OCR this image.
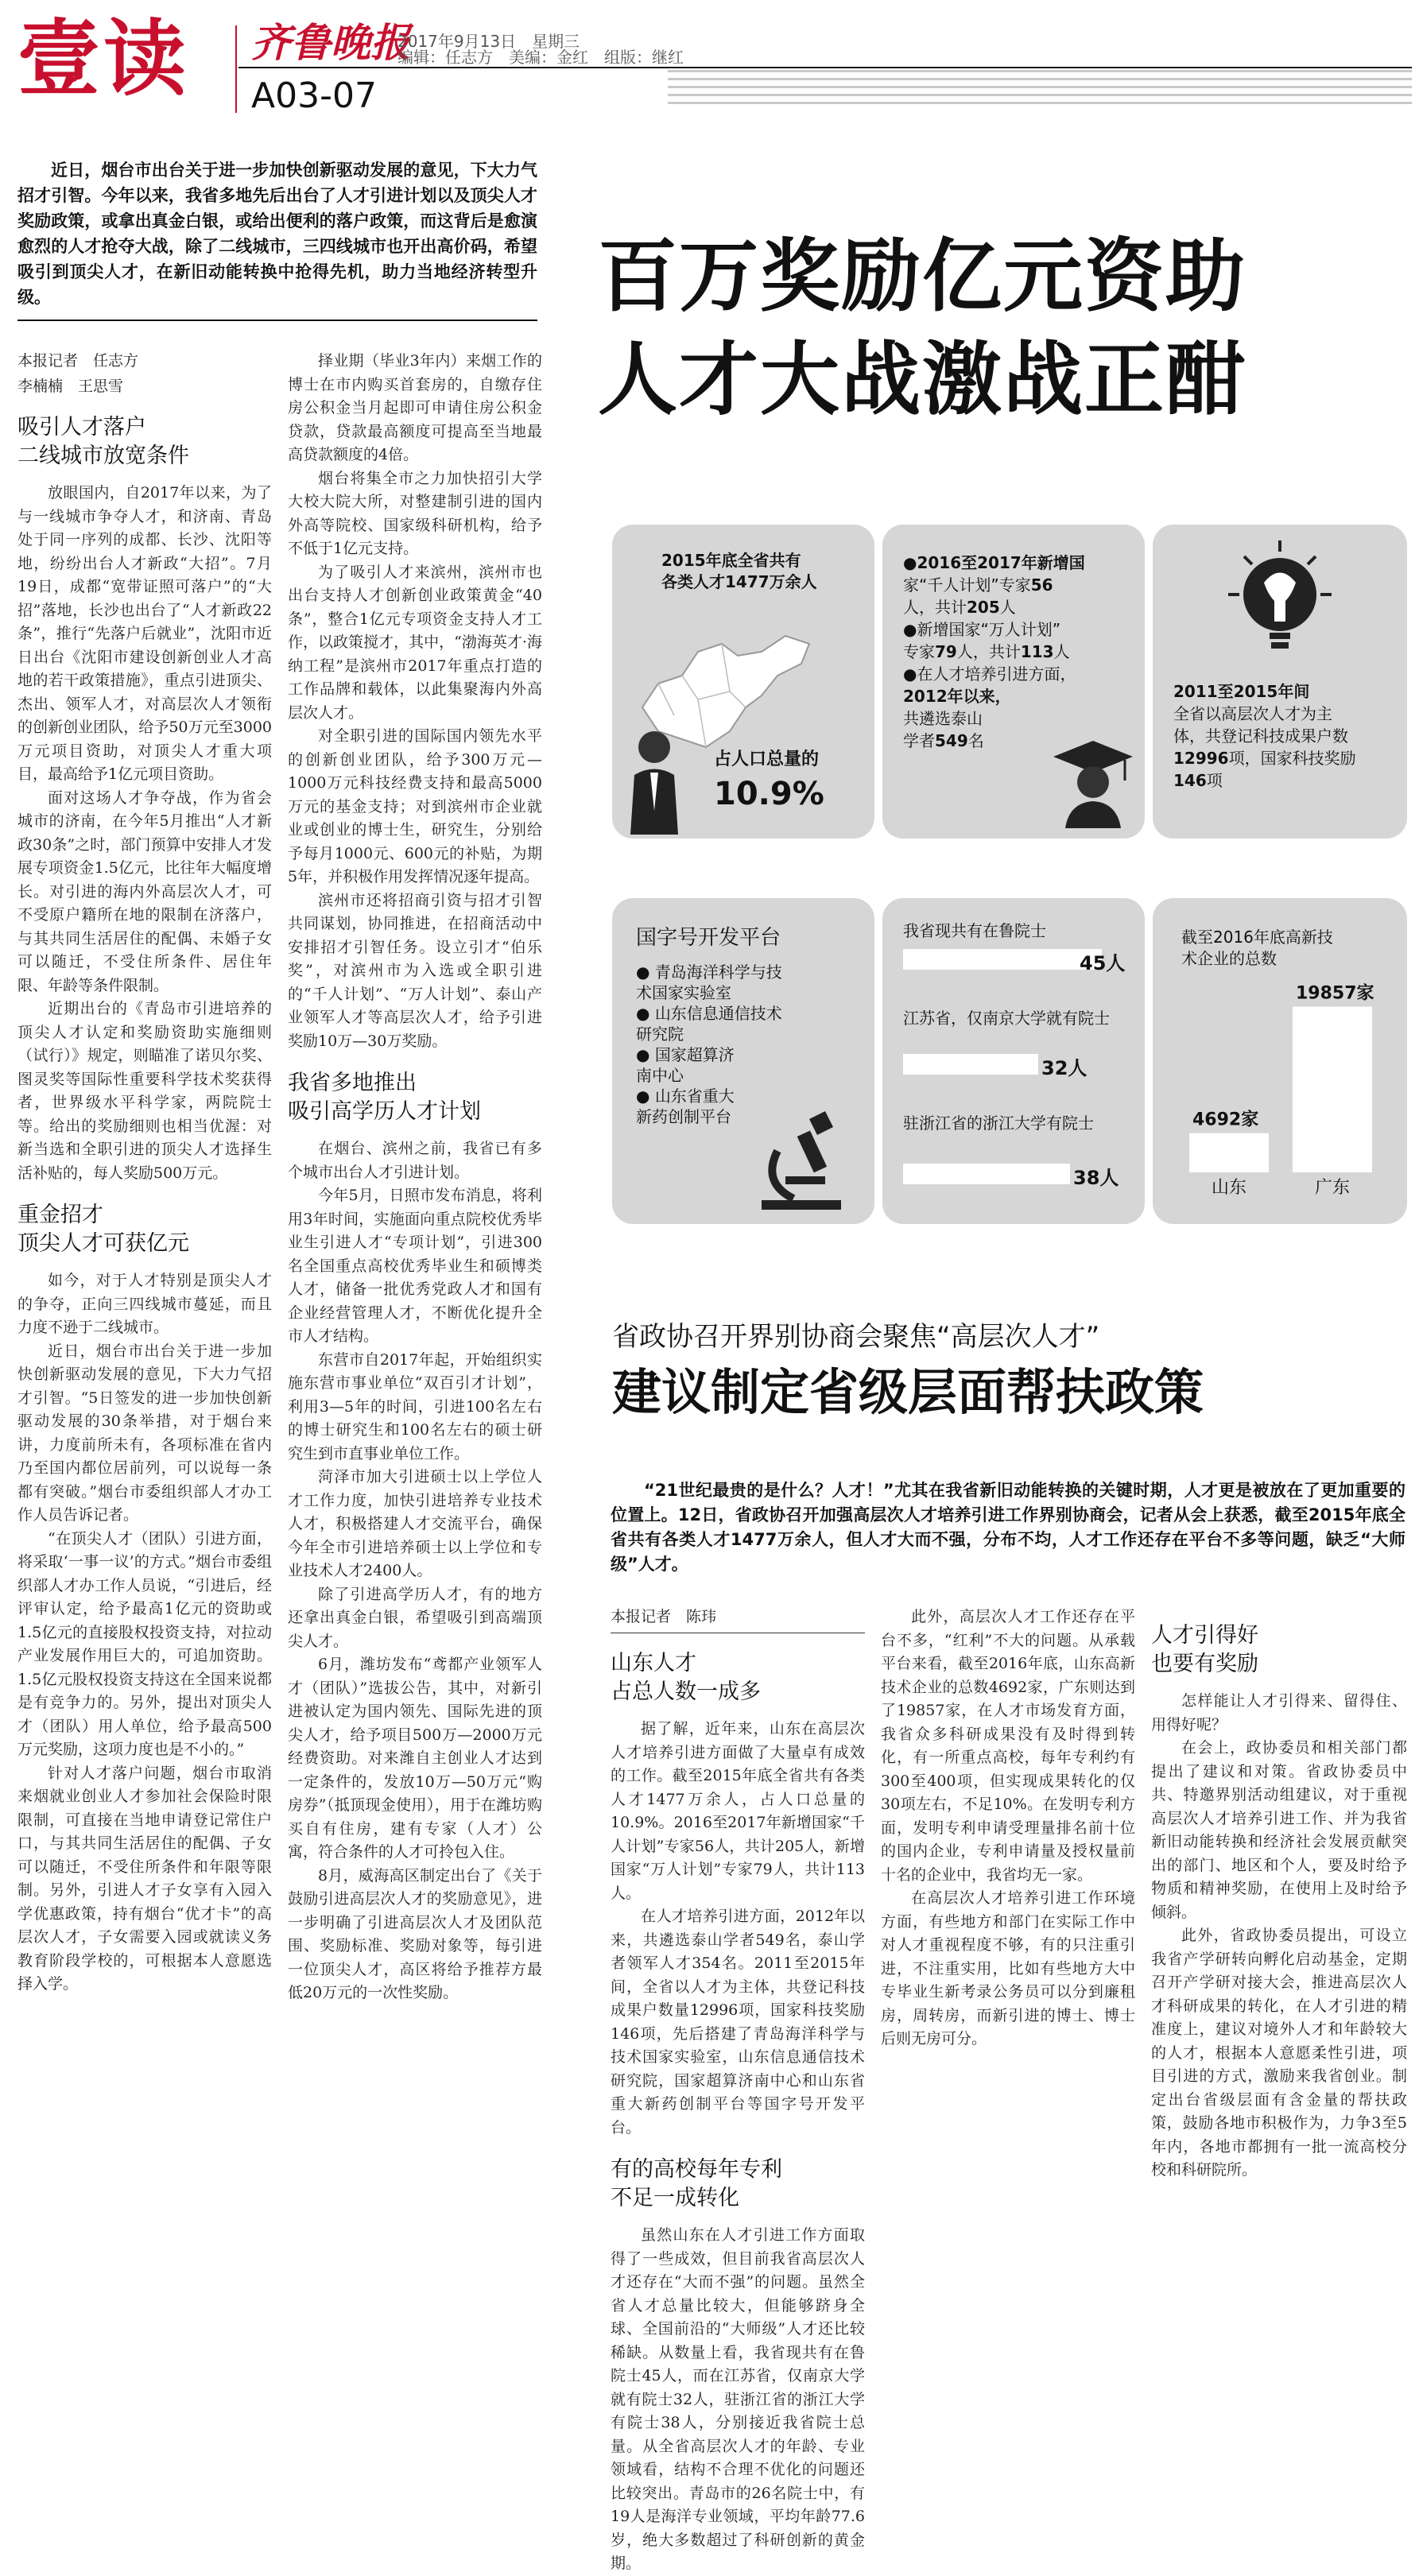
壹读 齐鲁晚报
A03-07
2017年9月13日　 星期三
编辑：任志方　 美编：金红　 组版：继红
近日，烟台市出台关于进一步加快创新驱动发展的意见，下大力气招才引智。今年以来，我省多地先后出台了人才引进计划以及顶尖人才奖励政策，或拿出真金白银，或给出便利的落户政策，而这背后是愈演愈烈的人才抢夺大战，除了二线城市，三四线城市也开出高价码，希望吸引到顶尖人才，在新旧动能转换中抢得先机，助力当地经济转型升级。	百万奖励亿元资助
人才大战激战正酣
本报记者　任志方
李楠楠　王思雪
吸引人才落户
二线城市放宽条件

放眼国内，自2017年以来，为了与一线城市争夺人才，和济南、青岛处于同一序列的成都、长沙、沈阳等地，纷纷出台人才新政“大招”。7月19日，成都“宽带证照可落户”的“大招”落地，长沙也出台了“人才新政22条”，推行“先落户后就业”，沈阳市近日出台《沈阳市建设创新创业人才高地的若干政策措施》，重点引进顶尖、杰出、领军人才，对高层次人才领衔的创新创业团队，给予50万元至3000万元项目资助，对顶尖人才重大项目，最高给予1亿元项目资助。

面对这场人才争夺战，作为省会城市的济南，在今年5月推出“人才新政30条”之时，部门预算中安排人才发展专项资金1.5亿元，比往年大幅度增长。对引进的海内外高层次人才，可不受原户籍所在地的限制在济落户，与其共同生活居住的配偶、未婚子女可以随迁，不受住所条件、居住年限、年龄等条件限制。

近期出台的《青岛市引进培养的顶尖人才认定和奖励资助实施细则（试行）》规定，则瞄准了诺贝尔奖、图灵奖等国际性重要科学技术奖获得者，世界级水平科学家，两院院士等。给出的奖励细则也相当优渥：对新当选和全职引进的顶尖人才选择生活补贴的，每人奖励500万元。

重金招才
顶尖人才可获亿元

如今，对于人才特别是顶尖人才的争夺，正向三四线城市蔓延，而且力度不逊于二线城市。

近日，烟台市出台关于进一步加快创新驱动发展的意见，下大力气招才引智。“5日签发的进一步加快创新驱动发展的30条举措，对于烟台来讲，力度前所未有，各项标准在省内乃至国内都位居前列，可以说每一条都有突破。”烟台市委组织部人才办工作人员告诉记者。

“在顶尖人才（团队）引进方面，将采取‘一事一议’的方式。”烟台市委组织部人才办工作人员说，“引进后，经评审认定，给予最高1亿元的资助或1.5亿元的直接股权投资支持，对拉动产业发展作用巨大的，可追加资助。1.5亿元股权投资支持这在全国来说都是有竞争力的。另外，提出对顶尖人才（团队）用人单位，给予最高500万元奖励，这项力度也是不小的。”

针对人才落户问题，烟台市取消来烟就业创业人才参加社会保险时限限制，可直接在当地申请登记常住户口，与其共同生活居住的配偶、子女可以随迁，不受住所条件和年限等限制。另外，引进人才子女享有入园入学优惠政策，持有烟台“优才卡”的高层次人才，子女需要入园或就读义务教育阶段学校的，可根据本人意愿选择入学。

择业期（毕业3年内）来烟工作的博士在市内购买首套房的，自缴存住房公积金当月起即可申请住房公积金贷款，贷款最高额度可提高至当地最高贷款额度的4倍。

烟台将集全市之力加快招引大学大校大院大所，对整建制引进的国内外高等院校、国家级科研机构，给予不低于1亿元支持。

为了吸引人才来滨州，滨州市也出台支持人才创新创业政策黄金“40条”，整合1亿元专项资金支持人才工作，以政策搅才，其中，“渤海英才·海纳工程”是滨州市2017年重点打造的工作品牌和载体，以此集聚海内外高层次人才。

对全职引进的国际国内领先水平的创新创业团队，给予300万元—1000万元科技经费支持和最高5000万元的基金支持；对到滨州市企业就业或创业的博士生，研究生，分别给予每月1000元、600元的补贴，为期5年，并积极作用发挥情况逐年提高。

滨州市还将招商引资与招才引智共同谋划，协同推进，在招商活动中安排招才引智任务。设立引才“伯乐奖”，对滨州市为入选或全职引进的“千人计划”、“万人计划”、泰山产业领军人才等高层次人才，给予引进奖励10万—30万奖励。

我省多地推出
吸引高学历人才计划

在烟台、滨州之前，我省已有多个城市出台人才引进计划。

今年5月，日照市发布消息，将利用3年时间，实施面向重点院校优秀毕业生引进人才“专项计划”，引进300名全国重点高校优秀毕业生和硕博类人才，储备一批优秀党政人才和国有企业经营管理人才，不断优化提升全市人才结构。

东营市自2017年起，开始组织实施东营市事业单位“双百引才计划”，利用3—5年的时间，引进100名左右的博士研究生和100名左右的硕士研究生到市直事业单位工作。

菏泽市加大引进硕士以上学位人才工作力度，加快引进培养专业技术人才，积极搭建人才交流平台，确保今年全市引进培养硕士以上学位和专业技术人才2400人。

除了引进高学历人才，有的地方还拿出真金白银，希望吸引到高端顶尖人才。

6月，潍坊发布“鸢都产业领军人才（团队）”选拔公告，其中，对新引进被认定为国内领先、国际先进的顶尖人才，给予项目500万—2000万元经费资助。对来潍自主创业人才达到一定条件的，发放10万—50万元“购房券”（抵顶现金使用），用于在潍坊购买自有住房，建有专家（人才）公寓，符合条件的人才可拎包入住。

8月，威海高区制定出台了《关于鼓励引进高层次人才的奖励意见》，进一步明确了引进高层次人才及团队范围、奖励标准、奖励对象等，每引进一位顶尖人才，高区将给予推荐方最低20万元的一次性奖励。

2015年底全省共有
各类人才1477万余人
占人口总量的
10.9%
●2016至2017年新增国
家“千人计划”专家56
人，共计205人
●新增国家“万人计划”
专家79人，共计113人
●在人才培养引进方面，
2012年以来，
共遴选泰山
学者549名
2011至2015年间
全省以高层次人才为主
体，共登记科技成果户数
12996项，国家科技奖励
146项
国字号开发平台
● 青岛海洋科学与技术国家实验室
● 山东信息通信技术研究院
● 国家超算济南中心
● 山东省重大新药创制平台
我省现共有在鲁院士
45人
江苏省，仅南京大学就有院士
32人
驻浙江省的浙江大学有院士
38人
截至2016年底高新技
术企业的总数
4692家
山东
19857家
广东
省政协召开界别协商会聚焦“高层次人才”
建议制定省级层面帮扶政策
“21世纪最贵的是什么？人才！”尤其在我省新旧动能转换的关键时期，人才更是被放在了更加重要的位置上。12日，省政协召开加强高层次人才培养引进工作界别协商会，记者从会上获悉，截至2015年底全省共有各类人才1477万余人，但人才大而不强，分布不均，人才工作还存在平台不多等问题，缺乏“大师级”人才。
本报记者　陈玮
山东人才
占总人数一成多

据了解，近年来，山东在高层次人才培养引进方面做了大量卓有成效的工作。截至2015年底全省共有各类人才1477万余人，占人口总量的10.9%。2016至2017年新增国家“千人计划”专家56人，共计205人，新增国家“万人计划”专家79人，共计113人。

在人才培养引进方面，2012年以来，共遴选泰山学者549名，泰山学者领军人才354名。2011至2015年间，全省以人才为主体，共登记科技成果户数量12996项，国家科技奖励146项，先后搭建了青岛海洋科学与技术国家实验室，山东信息通信技术研究院，国家超算济南中心和山东省重大新药创制平台等国字号开发平台。

有的高校每年专利
不足一成转化

虽然山东在人才引进工作方面取得了一些成效，但目前我省高层次人才还存在“大而不强”的问题。虽然全省人才总量比较大，但能够跻身全球、全国前沿的“大师级”人才还比较稀缺。从数量上看，我省现共有在鲁院士45人，而在江苏省，仅南京大学就有院士32人，驻浙江省的浙江大学有院士38人，分别接近我省院士总量。从全省高层次人才的年龄、专业领域看，结构不合理不优化的问题还比较突出。青岛市的26名院士中，有19人是海洋专业领域，平均年龄77.6岁，绝大多数超过了科研创新的黄金期。

此外，高层次人才工作还存在平台不多，“红利”不大的问题。从承载平台来看，截至2016年底，山东高新技术企业的总数4692家，广东则达到了19857家，在人才市场发育方面，我省众多科研成果没有及时得到转化，有一所重点高校，每年专利约有300至400项，但实现成果转化的仅30项左右，不足10%。在发明专利方面，发明专利申请受理量排名前十位的国内企业，专利申请量及授权量前十名的企业中，我省均无一家。

在高层次人才培养引进工作环境方面，有些地方和部门在实际工作中对人才重视程度不够，有的只注重引进，不注重实用，比如有些地方大中专毕业生新考录公务员可以分到廉租房，周转房，而新引进的博士、博士后则无房可分。

人才引得好
也要有奖励

怎样能让人才引得来、留得住、用得好呢？

在会上，政协委员和相关部门都提出了建议和对策。省政协委员中共、特邀界别活动组建议，对于重视高层次人才培养引进工作、并为我省新旧动能转换和经济社会发展贡献突出的部门、地区和个人，要及时给予物质和精神奖励，在使用上及时给予倾斜。

此外，省政协委员提出，可设立我省产学研转向孵化启动基金，定期召开产学研对接大会，推进高层次人才科研成果的转化，在人才引进的精准度上，建议对境外人才和年龄较大的人才，根据本人意愿柔性引进，项目引进的方式，激励来我省创业。制定出台省级层面有含金量的帮扶政策，鼓励各地市积极作为，力争3至5年内，各地市都拥有一批一流高校分校和科研院所。
